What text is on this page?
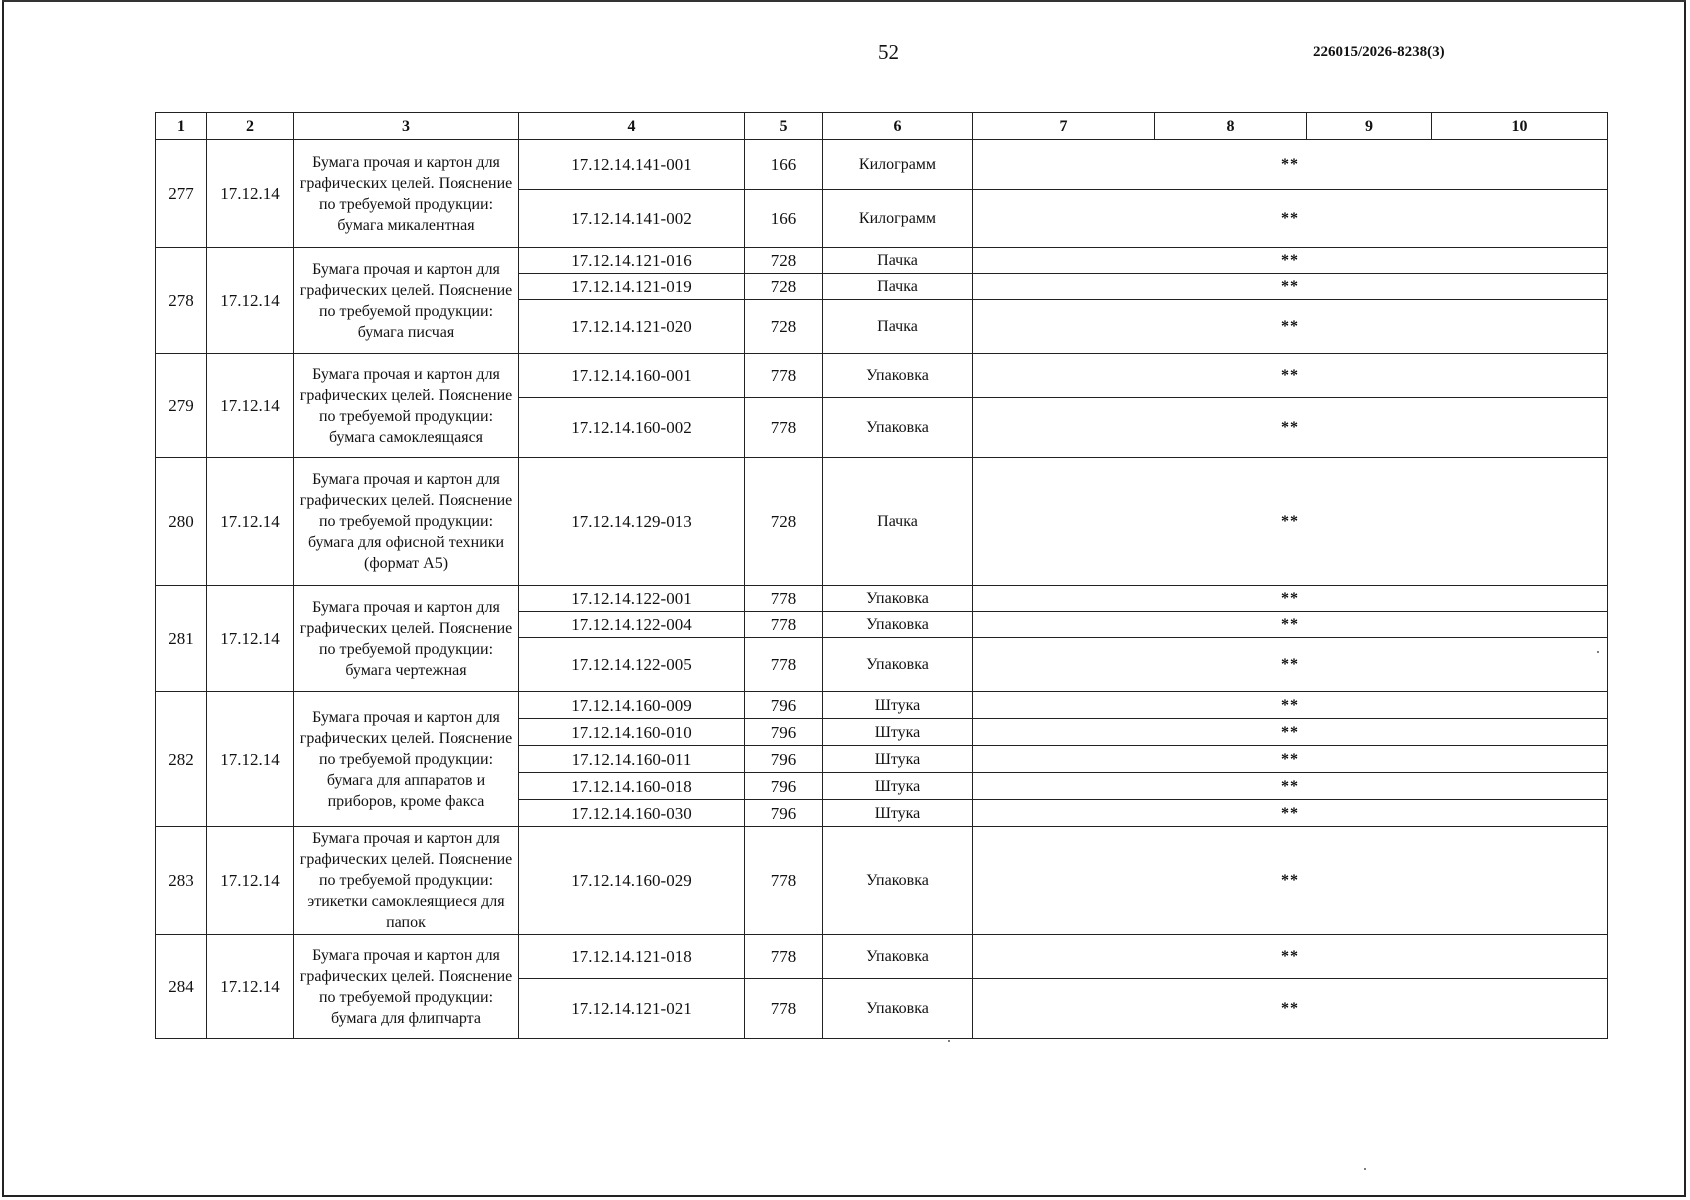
52	226015/2026-8238(3)
1	2	3	4	5	6	7	8	9	10
277	17.12.14	Бумага прочая и картон для графических целей. Пояснение по требуемой продукции: бумага микалентная	17.12.14.141-001	166	Килограмм	**			
			17.12.14.141-002	166	Килограмм	**			
278	17.12.14	Бумага прочая и картон для графических целей. Пояснение по требуемой продукции: бумага писчая	17.12.14.121-016	728	Пачка	**			
			17.12.14.121-019	728	Пачка	**			
			17.12.14.121-020	728	Пачка	**			
279	17.12.14	Бумага прочая и картон для графических целей. Пояснение по требуемой продукции: бумага самоклеящаяся	17.12.14.160-001	778	Упаковка	**			
			17.12.14.160-002	778	Упаковка	**			
280	17.12.14	Бумага прочая и картон для графических целей. Пояснение по требуемой продукции: бумага для офисной техники (формат А5)	17.12.14.129-013	728	Пачка	**			
281	17.12.14	Бумага прочая и картон для графических целей. Пояснение по требуемой продукции: бумага чертежная	17.12.14.122-001	778	Упаковка	**			
			17.12.14.122-004	778	Упаковка	**			
			17.12.14.122-005	778	Упаковка	**			
282	17.12.14	Бумага прочая и картон для графических целей. Пояснение по требуемой продукции: бумага для аппаратов и приборов, кроме факса	17.12.14.160-009	796	Штука	**			
			17.12.14.160-010	796	Штука	**			
			17.12.14.160-011	796	Штука	**			
			17.12.14.160-018	796	Штука	**			
			17.12.14.160-030	796	Штука	**			
283	17.12.14	Бумага прочая и картон для графических целей. Пояснение по требуемой продукции: этикетки самоклеящиеся для папок	17.12.14.160-029	778	Упаковка	**			
284	17.12.14	Бумага прочая и картон для графических целей. Пояснение по требуемой продукции: бумага для флипчарта	17.12.14.121-018	778	Упаковка	**			
			17.12.14.121-021	778	Упаковка	**			
